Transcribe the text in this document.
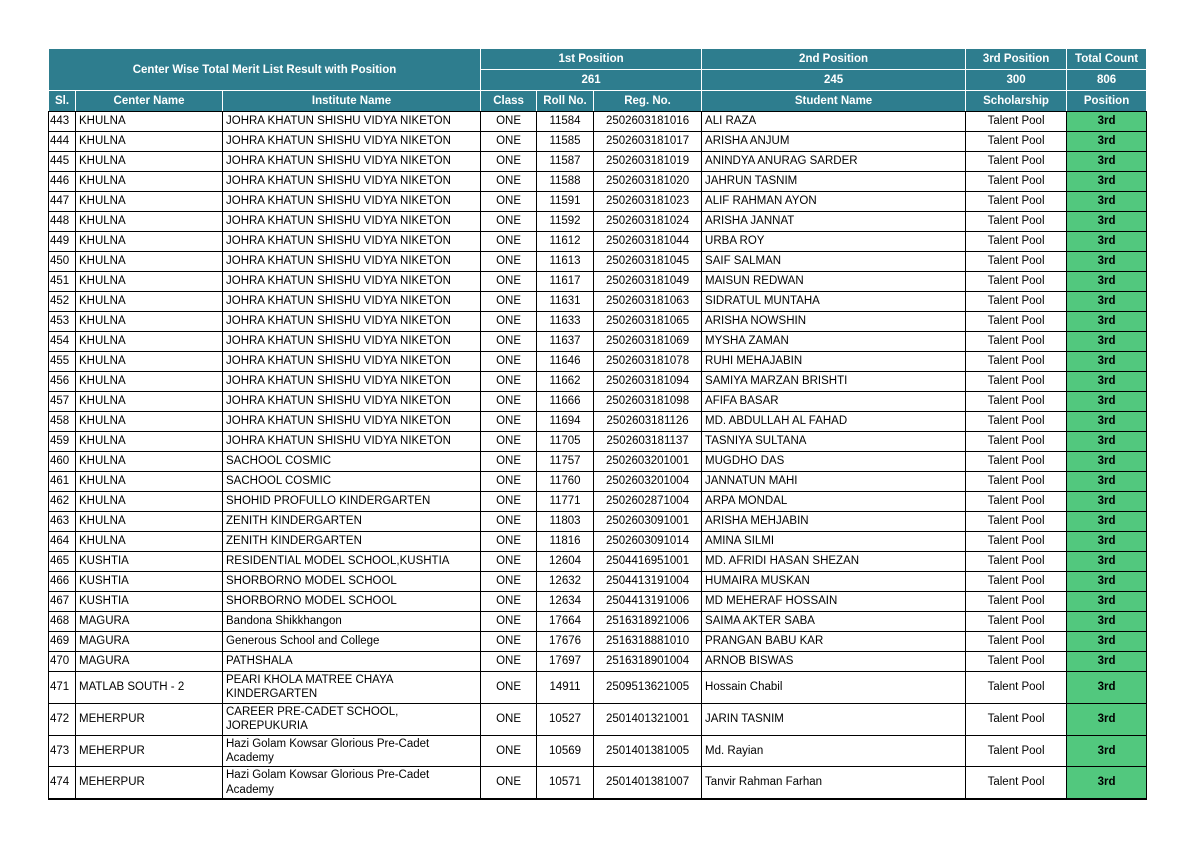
Center Wise Total Merit List Result with Position			1st Position			2nd Position	3rd Position	Total Count
			261			245	300	806
Sl.	Center Name	Institute Name	Class	Roll No.	Reg. No.	Student Name	Scholarship	Position
443	KHULNA	JOHRA KHATUN SHISHU VIDYA NIKETON	ONE	11584	2502603181016	ALI RAZA	Talent Pool	3rd
444	KHULNA	JOHRA KHATUN SHISHU VIDYA NIKETON	ONE	11585	2502603181017	ARISHA ANJUM	Talent Pool	3rd
445	KHULNA	JOHRA KHATUN SHISHU VIDYA NIKETON	ONE	11587	2502603181019	ANINDYA ANURAG SARDER	Talent Pool	3rd
446	KHULNA	JOHRA KHATUN SHISHU VIDYA NIKETON	ONE	11588	2502603181020	JAHRUN TASNIM	Talent Pool	3rd
447	KHULNA	JOHRA KHATUN SHISHU VIDYA NIKETON	ONE	11591	2502603181023	ALIF RAHMAN AYON	Talent Pool	3rd
448	KHULNA	JOHRA KHATUN SHISHU VIDYA NIKETON	ONE	11592	2502603181024	ARISHA JANNAT	Talent Pool	3rd
449	KHULNA	JOHRA KHATUN SHISHU VIDYA NIKETON	ONE	11612	2502603181044	URBA ROY	Talent Pool	3rd
450	KHULNA	JOHRA KHATUN SHISHU VIDYA NIKETON	ONE	11613	2502603181045	SAIF SALMAN	Talent Pool	3rd
451	KHULNA	JOHRA KHATUN SHISHU VIDYA NIKETON	ONE	11617	2502603181049	MAISUN REDWAN	Talent Pool	3rd
452	KHULNA	JOHRA KHATUN SHISHU VIDYA NIKETON	ONE	11631	2502603181063	SIDRATUL MUNTAHA	Talent Pool	3rd
453	KHULNA	JOHRA KHATUN SHISHU VIDYA NIKETON	ONE	11633	2502603181065	ARISHA NOWSHIN	Talent Pool	3rd
454	KHULNA	JOHRA KHATUN SHISHU VIDYA NIKETON	ONE	11637	2502603181069	MYSHA ZAMAN	Talent Pool	3rd
455	KHULNA	JOHRA KHATUN SHISHU VIDYA NIKETON	ONE	11646	2502603181078	RUHI MEHAJABIN	Talent Pool	3rd
456	KHULNA	JOHRA KHATUN SHISHU VIDYA NIKETON	ONE	11662	2502603181094	SAMIYA MARZAN BRISHTI	Talent Pool	3rd
457	KHULNA	JOHRA KHATUN SHISHU VIDYA NIKETON	ONE	11666	2502603181098	AFIFA BASAR	Talent Pool	3rd
458	KHULNA	JOHRA KHATUN SHISHU VIDYA NIKETON	ONE	11694	2502603181126	MD. ABDULLAH AL FAHAD	Talent Pool	3rd
459	KHULNA	JOHRA KHATUN SHISHU VIDYA NIKETON	ONE	11705	2502603181137	TASNIYA SULTANA	Talent Pool	3rd
460	KHULNA	SACHOOL COSMIC	ONE	11757	2502603201001	MUGDHO DAS	Talent Pool	3rd
461	KHULNA	SACHOOL COSMIC	ONE	11760	2502603201004	JANNATUN MAHI	Talent Pool	3rd
462	KHULNA	SHOHID PROFULLO KINDERGARTEN	ONE	11771	2502602871004	ARPA MONDAL	Talent Pool	3rd
463	KHULNA	ZENITH KINDERGARTEN	ONE	11803	2502603091001	ARISHA MEHJABIN	Talent Pool	3rd
464	KHULNA	ZENITH KINDERGARTEN	ONE	11816	2502603091014	AMINA SILMI	Talent Pool	3rd
465	KUSHTIA	RESIDENTIAL MODEL SCHOOL,KUSHTIA	ONE	12604	2504416951001	MD. AFRIDI HASAN SHEZAN	Talent Pool	3rd
466	KUSHTIA	SHORBORNO MODEL SCHOOL	ONE	12632	2504413191004	HUMAIRA MUSKAN	Talent Pool	3rd
467	KUSHTIA	SHORBORNO MODEL SCHOOL	ONE	12634	2504413191006	MD MEHERAF HOSSAIN	Talent Pool	3rd
468	MAGURA	Bandona Shikkhangon	ONE	17664	2516318921006	SAIMA AKTER SABA	Talent Pool	3rd
469	MAGURA	Generous School and College	ONE	17676	2516318881010	PRANGAN BABU KAR	Talent Pool	3rd
470	MAGURA	PATHSHALA	ONE	17697	2516318901004	ARNOB BISWAS	Talent Pool	3rd
471	MATLAB SOUTH - 2	PEARI KHOLA MATREE CHAYA KINDERGARTEN	ONE	14911	2509513621005	Hossain Chabil	Talent Pool	3rd
472	MEHERPUR	CAREER PRE-CADET SCHOOL, JOREPUKURIA	ONE	10527	2501401321001	JARIN TASNIM	Talent Pool	3rd
473	MEHERPUR	Hazi Golam Kowsar Glorious Pre-Cadet Academy	ONE	10569	2501401381005	Md. Rayian	Talent Pool	3rd
474	MEHERPUR	Hazi Golam Kowsar Glorious Pre-Cadet Academy	ONE	10571	2501401381007	Tanvir Rahman Farhan	Talent Pool	3rd
